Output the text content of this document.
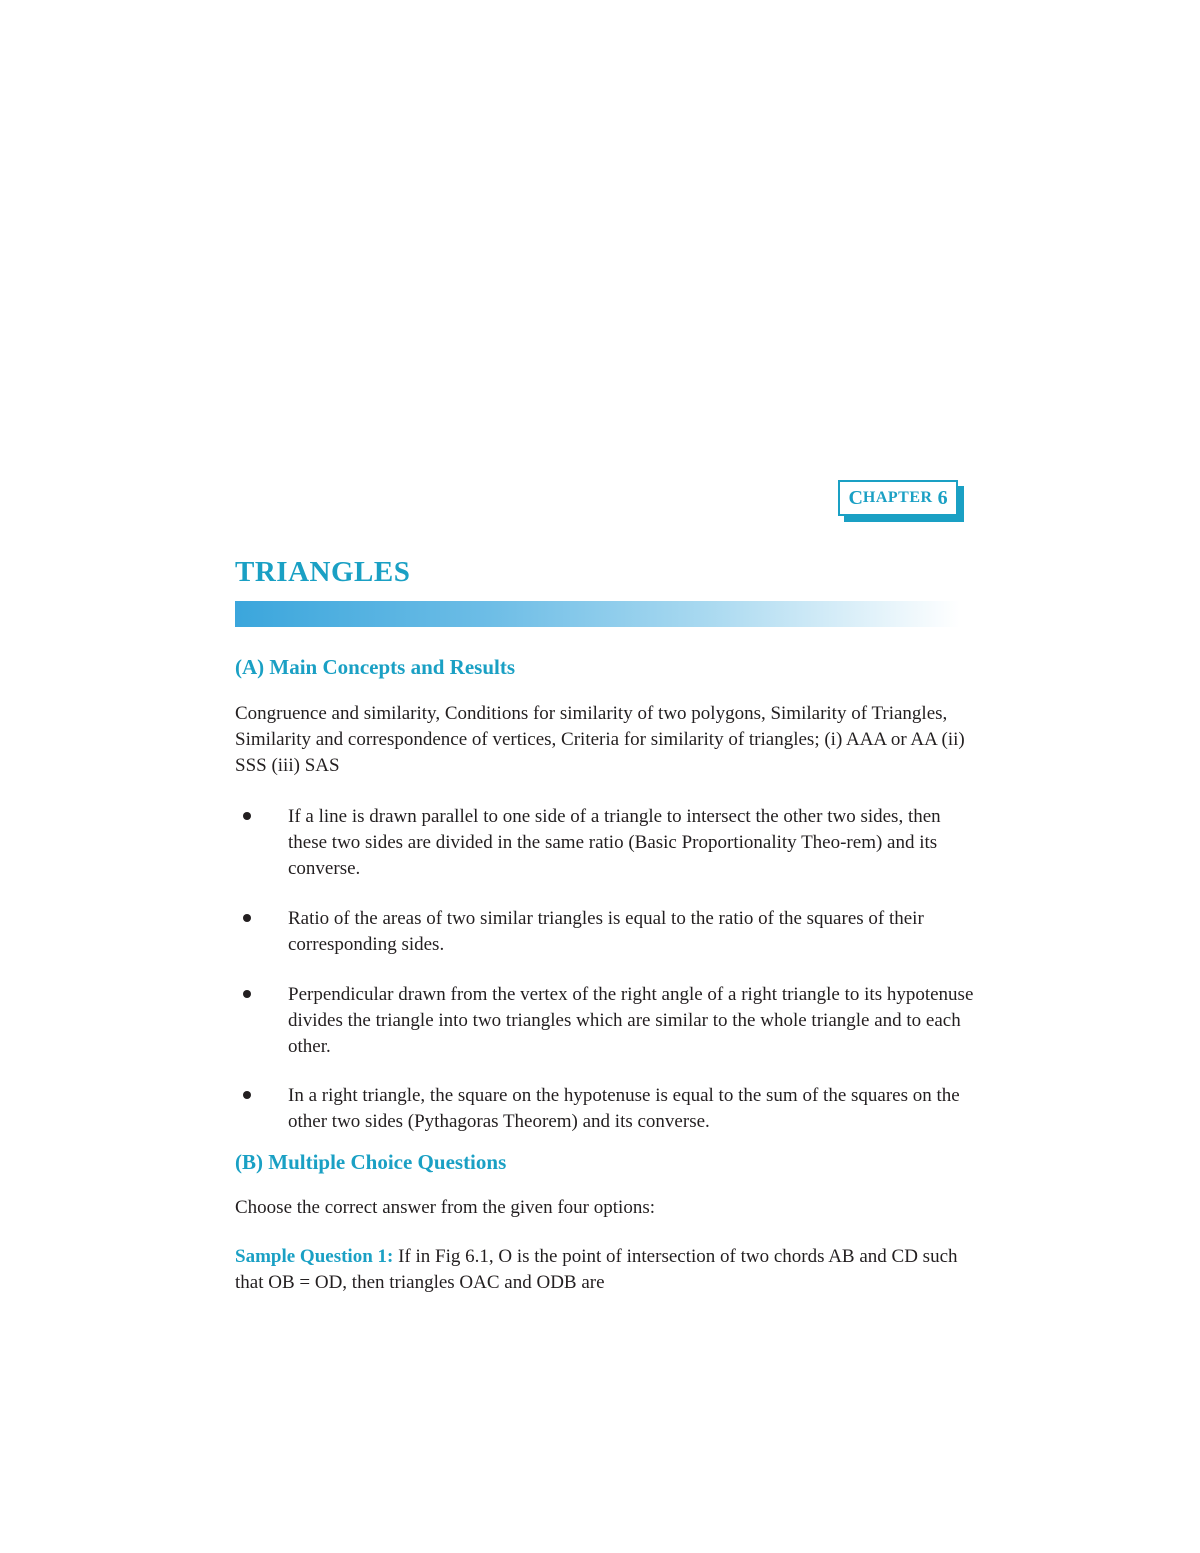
C HAPTER 6
TRIANGLES
(A) Main Concepts and Results
Congruence and similarity, Conditions for similarity of two polygons, Similarity of Triangles, Similarity and correspondence of vertices, Criteria for similarity of triangles; (i) AAA or AA (ii) SSS (iii) SAS
If a line is drawn parallel to one side of a triangle to intersect the other two sides, then these two sides are divided in the same ratio (Basic Proportionality Theo-rem) and its converse.
Ratio of the areas of two similar triangles is equal to the ratio of the squares of their corresponding sides.
Perpendicular drawn from the vertex of the right angle of a right triangle to its hypotenuse divides the triangle into two triangles which are similar to the whole triangle and to each other.
In a right triangle, the square on the hypotenuse is equal to the sum of the squares on the other two sides (Pythagoras Theorem) and its converse.
(B) Multiple Choice Questions
Choose the correct answer from the given four options:
Sample Question 1: If in Fig 6.1, O is the point of intersection of two chords AB and CD such that OB = OD, then triangles OAC and ODB are
